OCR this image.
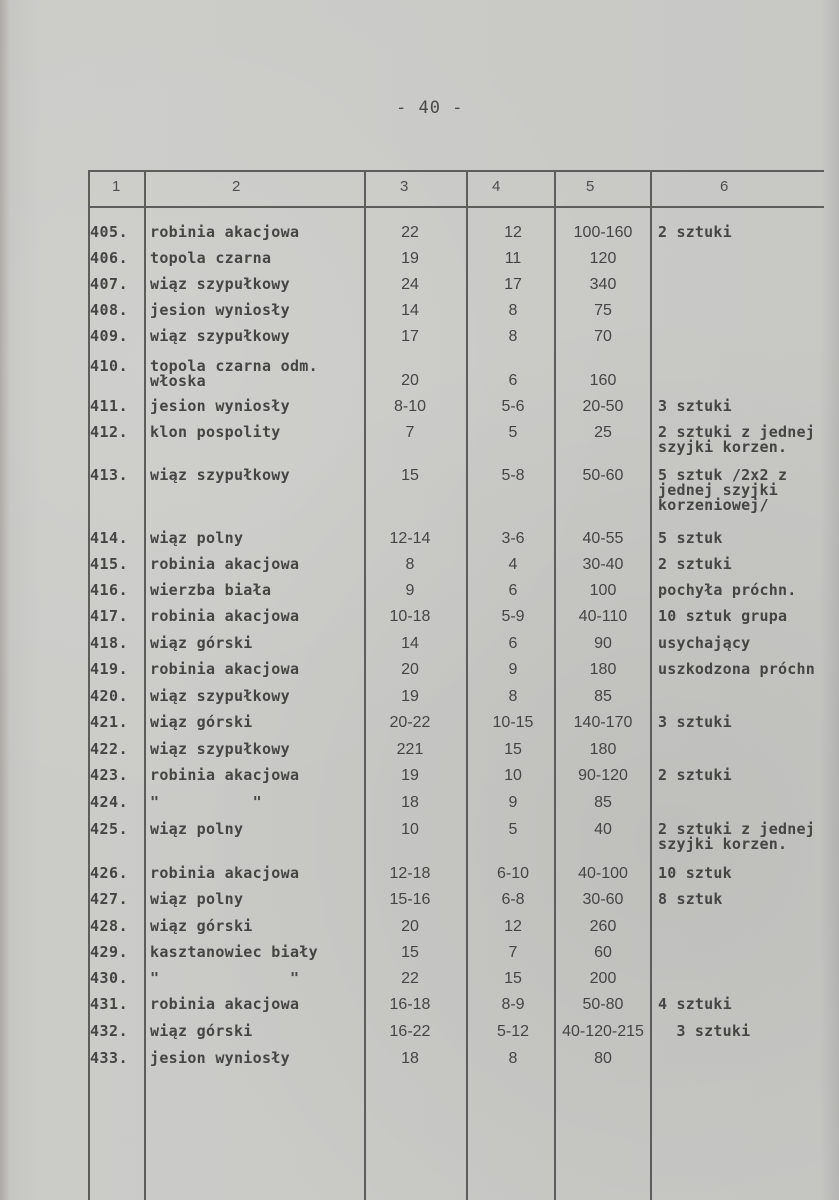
- 40 -
1	2	3	4	5	6
405. robinia akacjowa	22	12	100-160	2 sztuki
406. topola czarna	19	11	120
407. wiąz szypułkowy	24	17	340
408. jesion wyniosły	14	8	75
409. wiąz szypułkowy	17	8	70
410. topola czarna odm.
włoska	20	6	160
411. jesion wyniosły	8-10	5-6	20-50	3 sztuki
412. klon pospolity	7	5	25	2 sztuki z jednej
szyjki korzen.
413. wiąz szypułkowy	15	5-8	50-60	5 sztuk /2x2 z
jednej szyjki
korzeniowej/
414. wiąz polny	12-14	3-6	40-55	5 sztuk
415. robinia akacjowa	8	4	30-40	2 sztuki
416. wierzba biała	9	6	100	pochyła próchn.
417. robinia akacjowa	10-18	5-9	40-110	10 sztuk grupa
418. wiąz górski	14	6	90	usychający
419. robinia akacjowa	20	9	180	uszkodzona próchn
420. wiąz szypułkowy	19	8	85
421. wiąz górski	20-22	10-15	140-170	3 sztuki
422. wiąz szypułkowy	221	15	180
423. robinia akacjowa	19	10	90-120	2 sztuki
424. "          "	18	9	85
425. wiąz polny	10	5	40	2 sztuki z jednej
szyjki korzen.
426. robinia akacjowa	12-18	6-10	40-100	10 sztuk
427. wiąz polny	15-16	6-8	30-60	8 sztuk
428. wiąz górski	20	12	260
429. kasztanowiec biały	15	7	60
430. "              "	22	15	200
431. robinia akacjowa	16-18	8-9	50-80	4 sztuki
432. wiąz górski	16-22	5-12	40-120-215 3 sztuki
433. jesion wyniosły	18	8	80
